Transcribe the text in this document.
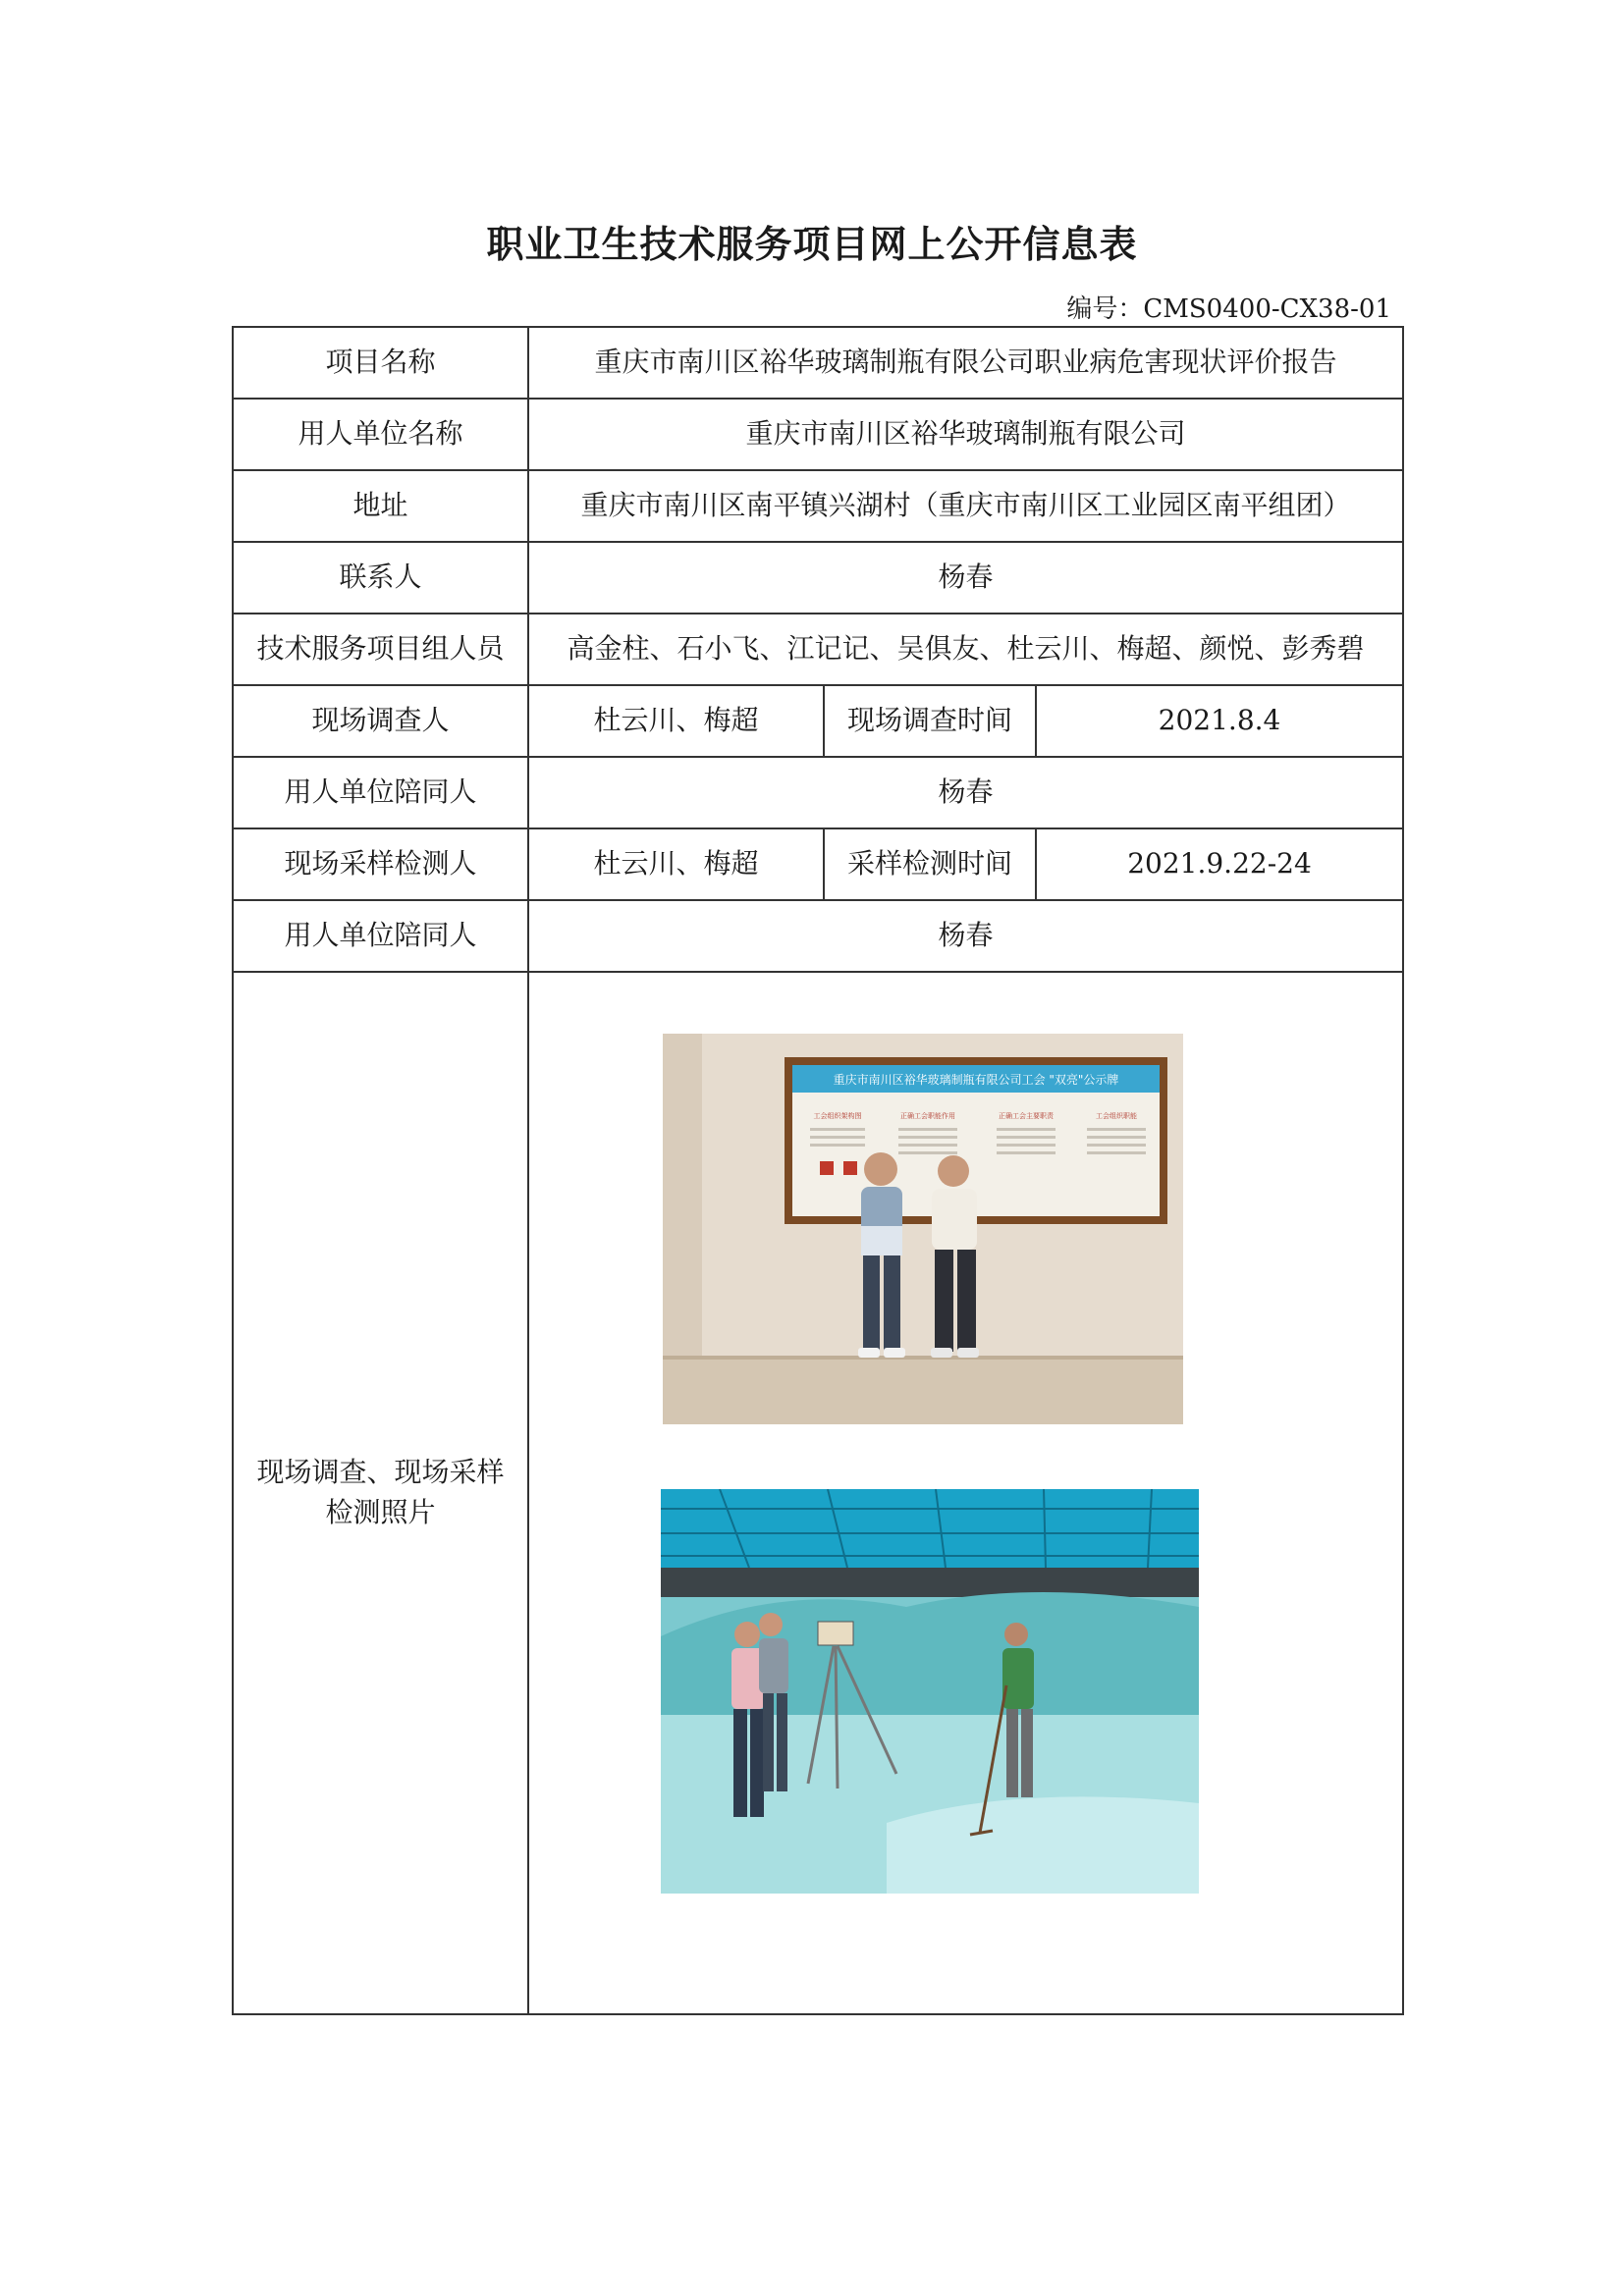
职业卫生技术服务项目网上公开信息表
编号：CMS0400-CX38-01
项目名称	重庆市南川区裕华玻璃制瓶有限公司职业病危害现状评价报告		
用人单位名称	重庆市南川区裕华玻璃制瓶有限公司		
地址	重庆市南川区南平镇兴湖村（重庆市南川区工业园区南平组团）		
联系人	杨春		
技术服务项目组人员	高金柱、石小飞、江记记、吴俱友、杜云川、梅超、颜悦、彭秀碧		
现场调查人	杜云川、梅超	现场调查时间	2021.8.4
用人单位陪同人	杨春		
现场采样检测人	杜云川、梅超	采样检测时间	2021.9.22-24
用人单位陪同人	杨春		
现场调查、现场采样检测照片	重庆市南川区裕华玻璃制瓶有限公司工会 "双亮"公示牌
工会组织架构图 正确工会职能作用 正确工会主要职责 工会组织职能		
